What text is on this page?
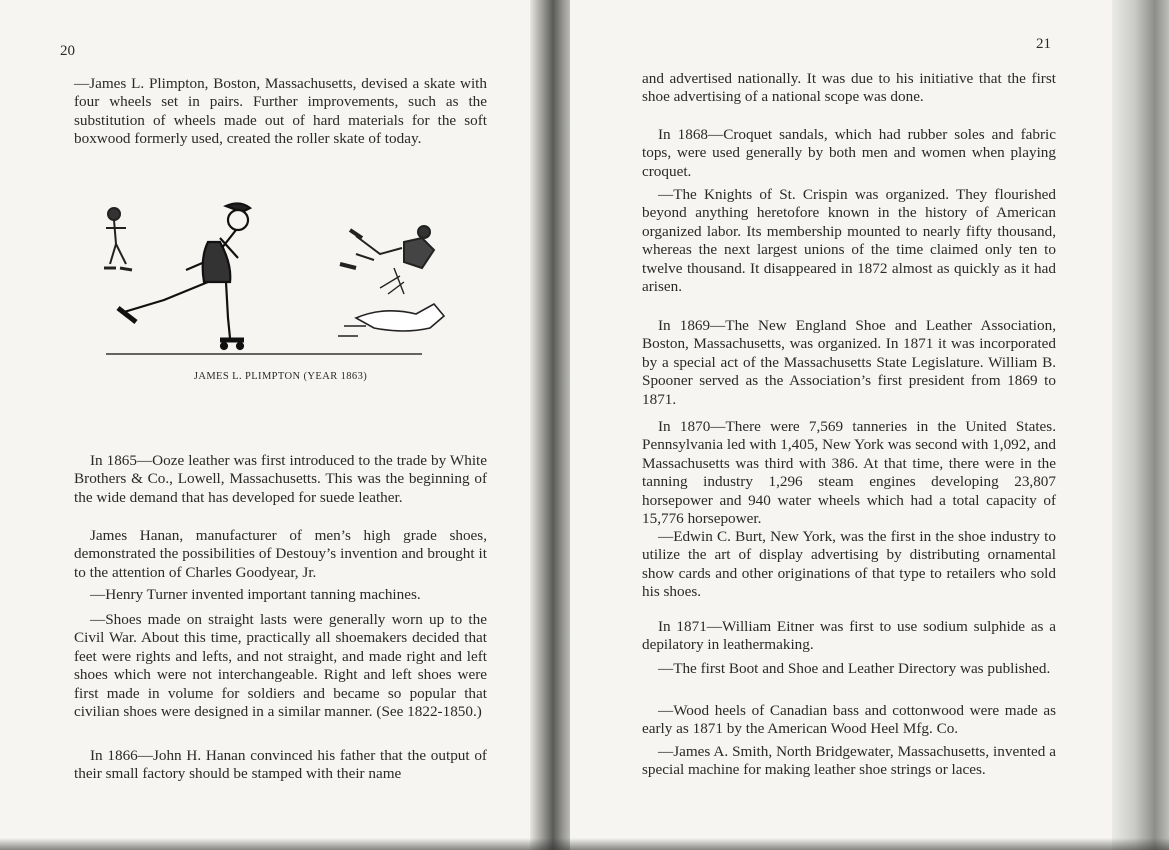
20

—James L. Plimpton, Boston, Massachusetts, devised a skate with four wheels set in pairs. Further improvements, such as the substitution of wheels made out of hard materials for the soft boxwood formerly used, created the roller skate of today.

JAMES L. PLIMPTON (YEAR 1863)

In 1865—Ooze leather was first introduced to the trade by White Brothers & Co., Lowell, Massachusetts. This was the beginning of the wide demand that has developed for suede leather.

James Hanan, manufacturer of men’s high grade shoes, demonstrated the possibilities of Destouy’s invention and brought it to the attention of Charles Goodyear, Jr.

—Henry Turner invented important tanning machines.

—Shoes made on straight lasts were generally worn up to the Civil War. About this time, practically all shoemakers decided that feet were rights and lefts, and not straight, and made right and left shoes which were not interchangeable. Right and left shoes were first made in volume for soldiers and became so popular that civilian shoes were designed in a similar manner. (See 1822-1850.)

In 1866—John H. Hanan convinced his father that the output of their small factory should be stamped with their name

21

and advertised nationally. It was due to his initiative that the first shoe advertising of a national scope was done.

In 1868—Croquet sandals, which had rubber soles and fabric tops, were used generally by both men and women when playing croquet.

—The Knights of St. Crispin was organized. They flourished beyond anything heretofore known in the history of American organized labor. Its membership mounted to nearly fifty thousand, whereas the next largest unions of the time claimed only ten to twelve thousand. It disappeared in 1872 almost as quickly as it had arisen.

In 1869—The New England Shoe and Leather Association, Boston, Massachusetts, was organized. In 1871 it was incorporated by a special act of the Massachusetts State Legislature. William B. Spooner served as the Association’s first president from 1869 to 1871.

In 1870—There were 7,569 tanneries in the United States. Pennsylvania led with 1,405, New York was second with 1,092, and Massachusetts was third with 386. At that time, there were in the tanning industry 1,296 steam engines developing 23,807 horsepower and 940 water wheels which had a total capacity of 15,776 horsepower.

—Edwin C. Burt, New York, was the first in the shoe industry to utilize the art of display advertising by distributing ornamental show cards and other originations of that type to retailers who sold his shoes.

In 1871—William Eitner was first to use sodium sulphide as a depilatory in leathermaking.

—The first Boot and Shoe and Leather Directory was published.

—Wood heels of Canadian bass and cottonwood were made as early as 1871 by the American Wood Heel Mfg. Co.

—James A. Smith, North Bridgewater, Massachusetts, invented a special machine for making leather shoe strings or laces.
